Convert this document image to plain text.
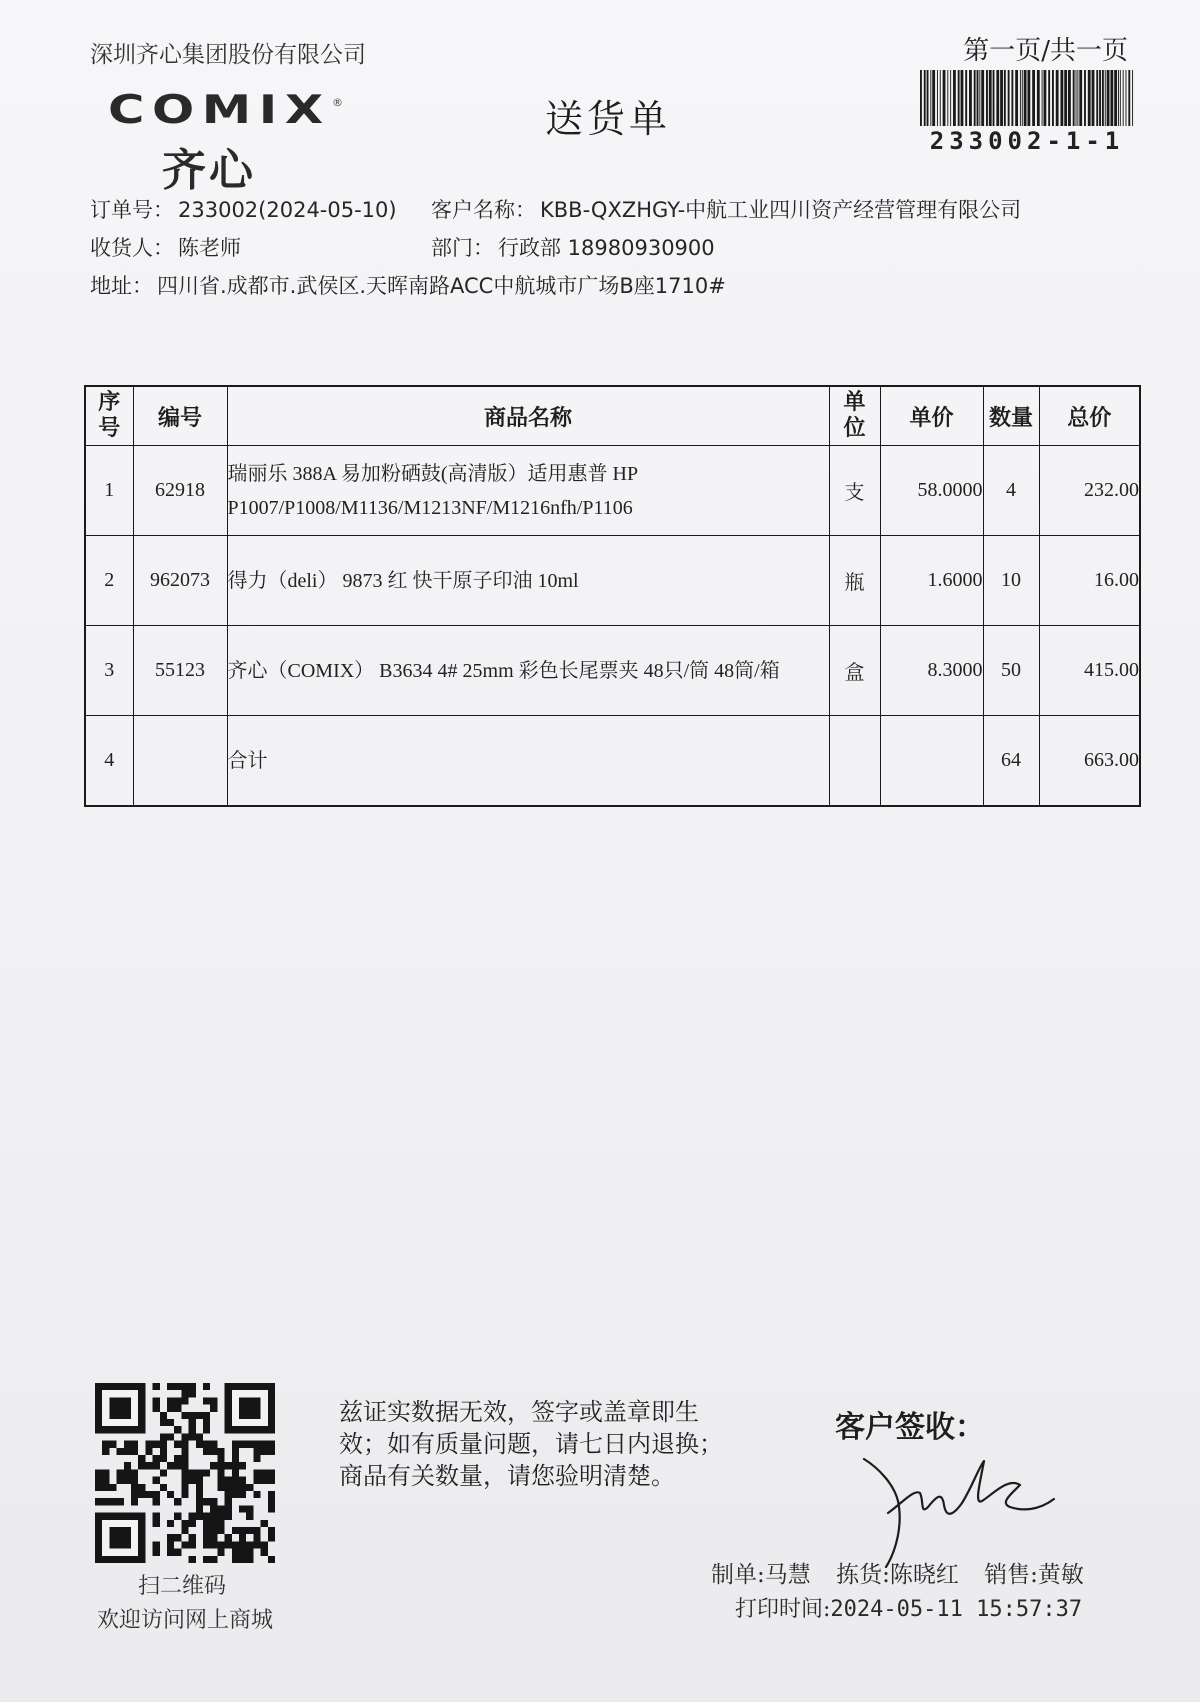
深圳齐心集团股份有限公司	第一页/共一页
233002-1-1
COMIX ®
齐心
送货单
订单号： 233002(2024-05-10) 客户名称： KBB-QXZHGY-中航工业四川资产经营管理有限公司
收货人： 陈老师	部门： 行政部 18980930900
地址： 四川省.成都市.武侯区.天晖南路ACC中航城市广场B座1710#
序号	编号	商品名称	单位	单价	数量	总价
1	62918	瑞丽乐 388A 易加粉硒鼓(高清版）适用惠普 HP P1007/P1008/M1136/M1213NF/M1216nfh/P1106	支	58.0000	4	232.00
2	962073	得力（deli） 9873 红 快干原子印油 10ml	瓶	1.6000	10	16.00
3	55123	齐心（COMIX） B3634 4# 25mm 彩色长尾票夹 48只/筒 48筒/箱	盒	8.3000	50	415.00
4		合计			64	663.00
扫二维码
欢迎访问网上商城
兹证实数据无效，签字或盖章即生
效；如有质量问题，请七日内退换；
商品有关数量，请您验明清楚。
客户签收：
制单:马慧 拣货:陈晓红 销售:黄敏
打印时间:2024-05-11 15:57:37
